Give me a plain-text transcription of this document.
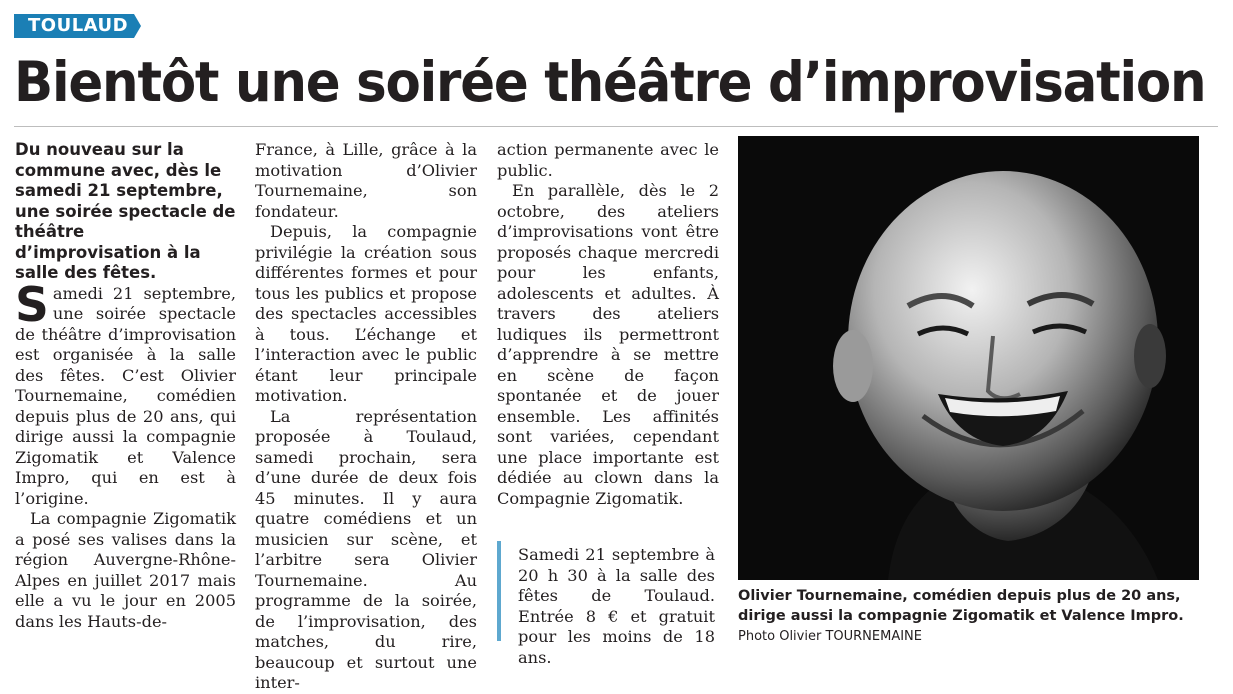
TOULAUD
Bientôt une soirée théâtre d’improvisation

Du nouveau sur la commune avec, dès le samedi 21 septembre, une soirée spectacle de théâtre d’improvisation à la salle des fêtes.

Samedi 21 septembre, une soirée spectacle de théâtre d’improvisation est organisée à la salle des fêtes. C’est Olivier Tournemaine, comédien depuis plus de 20 ans, qui dirige aussi la compagnie Zigomatik et Valence Impro, qui en est à l’origine.

La compagnie Zigomatik a posé ses valises dans la région Auvergne-Rhône-Alpes en juillet 2017 mais elle a vu le jour en 2005 dans les Hauts-de-

France, à Lille, grâce à la motivation d’Olivier Tournemaine, son fondateur.

Depuis, la compagnie privilégie la création sous différentes formes et pour tous les publics et propose des spectacles accessibles à tous. L’échange et l’interaction avec le public étant leur principale motivation.

La représentation proposée à Toulaud, samedi prochain, sera d’une durée de deux fois 45 minutes. Il y aura quatre comédiens et un musicien sur scène, et l’arbitre sera Olivier Tournemaine. Au programme de la soirée, de l’improvisation, des matches, du rire, beaucoup et surtout une inter-

action permanente avec le public.

En parallèle, dès le 2 octobre, des ateliers d’improvisations vont être proposés chaque mercredi pour les enfants, adolescents et adultes. À travers des ateliers ludiques ils permettront d’apprendre à se mettre en scène de façon spontanée et de jouer ensemble. Les affinités sont variées, cependant une place importante est dédiée au clown dans la Compagnie Zigomatik.

Samedi 21 septembre à 20 h 30 à la salle des fêtes de Toulaud. Entrée 8 € et gratuit pour les moins de 18 ans.
Olivier Tournemaine, comédien depuis plus de 20 ans, dirige aussi la compagnie Zigomatik et Valence Impro.
Photo Olivier TOURNEMAINE
